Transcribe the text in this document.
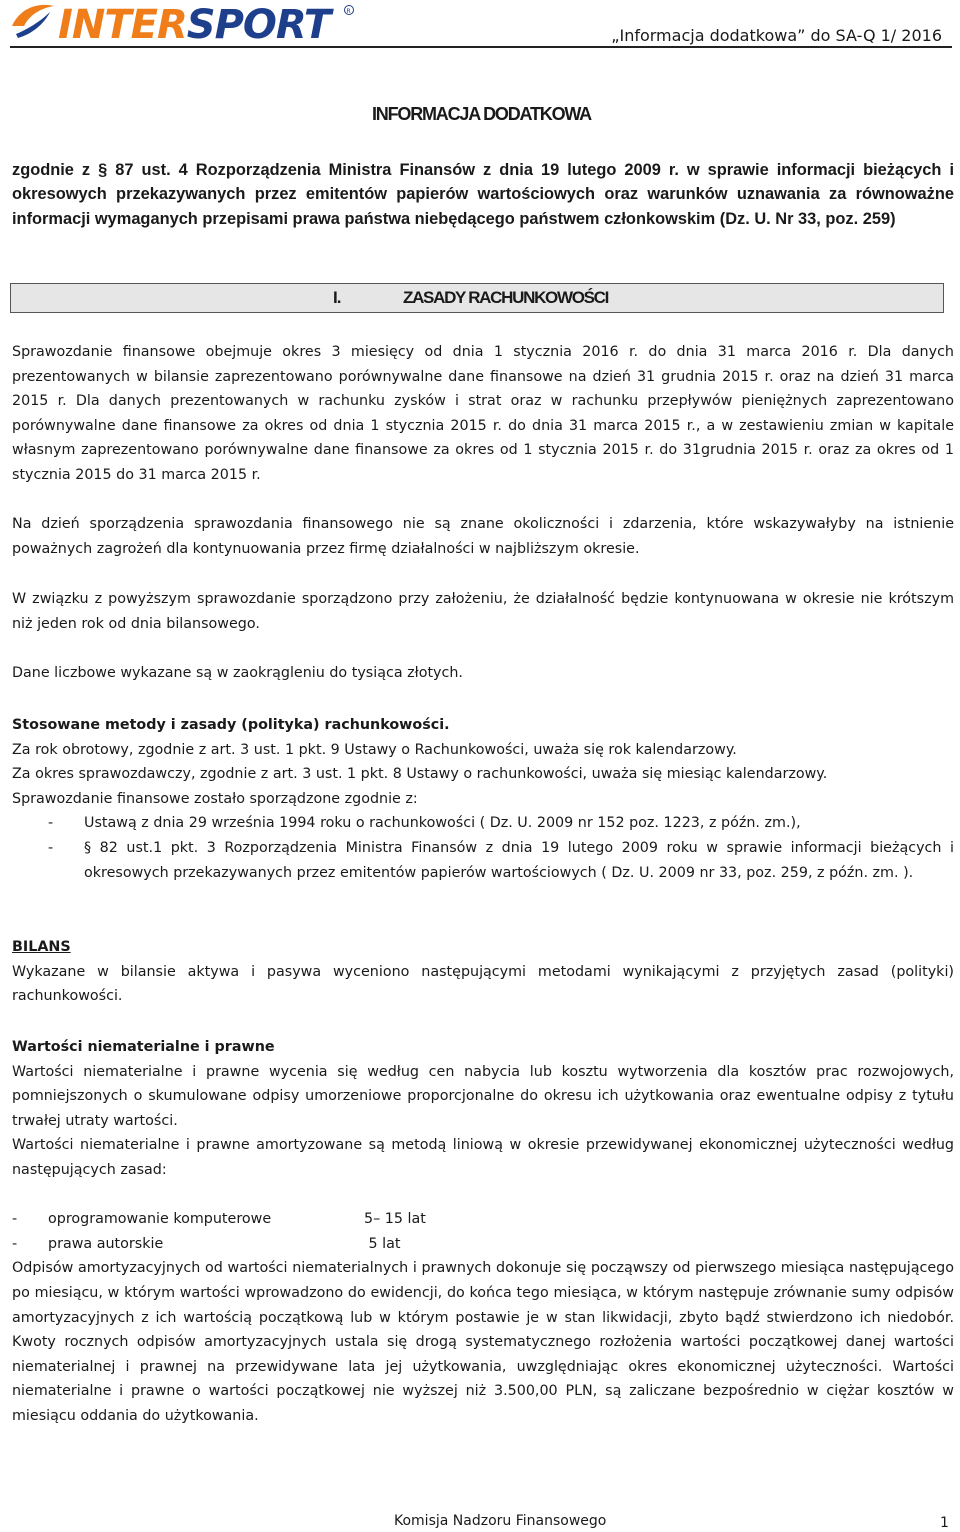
INTERSPORT	R
„Informacja dodatkowa” do SA-Q 1/ 2016
INFORMACJA DODATKOWA
zgodnie z § 87 ust. 4 Rozporządzenia Ministra Finansów z dnia 19 lutego 2009 r. w sprawie informacji bieżących i okresowych przekazywanych przez emitentów papierów wartościowych oraz warunków uznawania za równoważne informacji wymaganych przepisami prawa państwa niebędącego państwem członkowskim (Dz. U. Nr 33, poz. 259)
I.	ZASADY RACHUNKOWOŚCI
Sprawozdanie finansowe obejmuje okres 3 miesięcy od dnia 1 stycznia 2016 r. do dnia 31 marca 2016 r. Dla danych prezentowanych w bilansie zaprezentowano porównywalne dane finansowe na dzień 31 grudnia 2015 r. oraz na dzień 31 marca 2015 r. Dla danych prezentowanych w rachunku zysków i strat oraz w rachunku przepływów pieniężnych zaprezentowano porównywalne dane finansowe za okres od dnia 1 stycznia 2015 r. do dnia 31 marca 2015 r., a w zestawieniu zmian w kapitale własnym zaprezentowano porównywalne dane finansowe za okres od 1 stycznia 2015 r. do 31grudnia 2015 r. oraz za okres od 1 stycznia 2015 do 31 marca 2015 r.
Na dzień sporządzenia sprawozdania finansowego nie są znane okoliczności i zdarzenia, które wskazywałyby na istnienie poważnych zagrożeń dla kontynuowania przez firmę działalności w najbliższym okresie.
W związku z powyższym sprawozdanie sporządzono przy założeniu, że działalność będzie kontynuowana w okresie nie krótszym niż jeden rok od dnia bilansowego.
Dane liczbowe wykazane są w zaokrągleniu do tysiąca złotych.
Stosowane metody i zasady (polityka) rachunkowości.
Za rok obrotowy, zgodnie z art. 3 ust. 1 pkt. 9 Ustawy o Rachunkowości, uważa się rok kalendarzowy.
Za okres sprawozdawczy, zgodnie z art. 3 ust. 1 pkt. 8 Ustawy o rachunkowości, uważa się miesiąc kalendarzowy.
Sprawozdanie finansowe zostało sporządzone zgodnie z:
- Ustawą z dnia 29 września 1994 roku o rachunkowości ( Dz. U. 2009 nr 152 poz. 1223, z późn. zm.),
- § 82 ust.1 pkt. 3 Rozporządzenia Ministra Finansów z dnia 19 lutego 2009 roku w sprawie informacji bieżących i okresowych przekazywanych przez emitentów papierów wartościowych ( Dz. U. 2009 nr 33, poz. 259, z późn. zm. ).
BILANS
Wykazane w bilansie aktywa i pasywa wyceniono następującymi metodami wynikającymi z przyjętych zasad (polityki) rachunkowości.
Wartości niematerialne i prawne
Wartości niematerialne i prawne wycenia się według cen nabycia lub kosztu wytworzenia dla kosztów prac rozwojowych, pomniejszonych o skumulowane odpisy umorzeniowe proporcjonalne do okresu ich użytkowania oraz ewentualne odpisy z tytułu trwałej utraty wartości.
Wartości niematerialne i prawne amortyzowane są metodą liniową w okresie przewidywanej ekonomicznej użyteczności według następujących zasad:
- oprogramowanie komputerowe	5– 15 lat
- prawa autorskie	5 lat
Odpisów amortyzacyjnych od wartości niematerialnych i prawnych dokonuje się począwszy od pierwszego miesiąca następującego po miesiącu, w którym wartości wprowadzono do ewidencji, do końca tego miesiąca, w którym następuje zrównanie sumy odpisów amortyzacyjnych z ich wartością początkową lub w którym postawie je w stan likwidacji, zbyto bądź stwierdzono ich niedobór. Kwoty rocznych odpisów amortyzacyjnych ustala się drogą systematycznego rozłożenia wartości początkowej danej wartości niematerialnej i prawnej na przewidywane lata jej użytkowania, uwzględniając okres ekonomicznej użyteczności. Wartości niematerialne i prawne o wartości początkowej nie wyższej niż 3.500,00 PLN, są zaliczane bezpośrednio w ciężar kosztów w miesiącu oddania do użytkowania.
Komisja Nadzoru Finansowego	1
